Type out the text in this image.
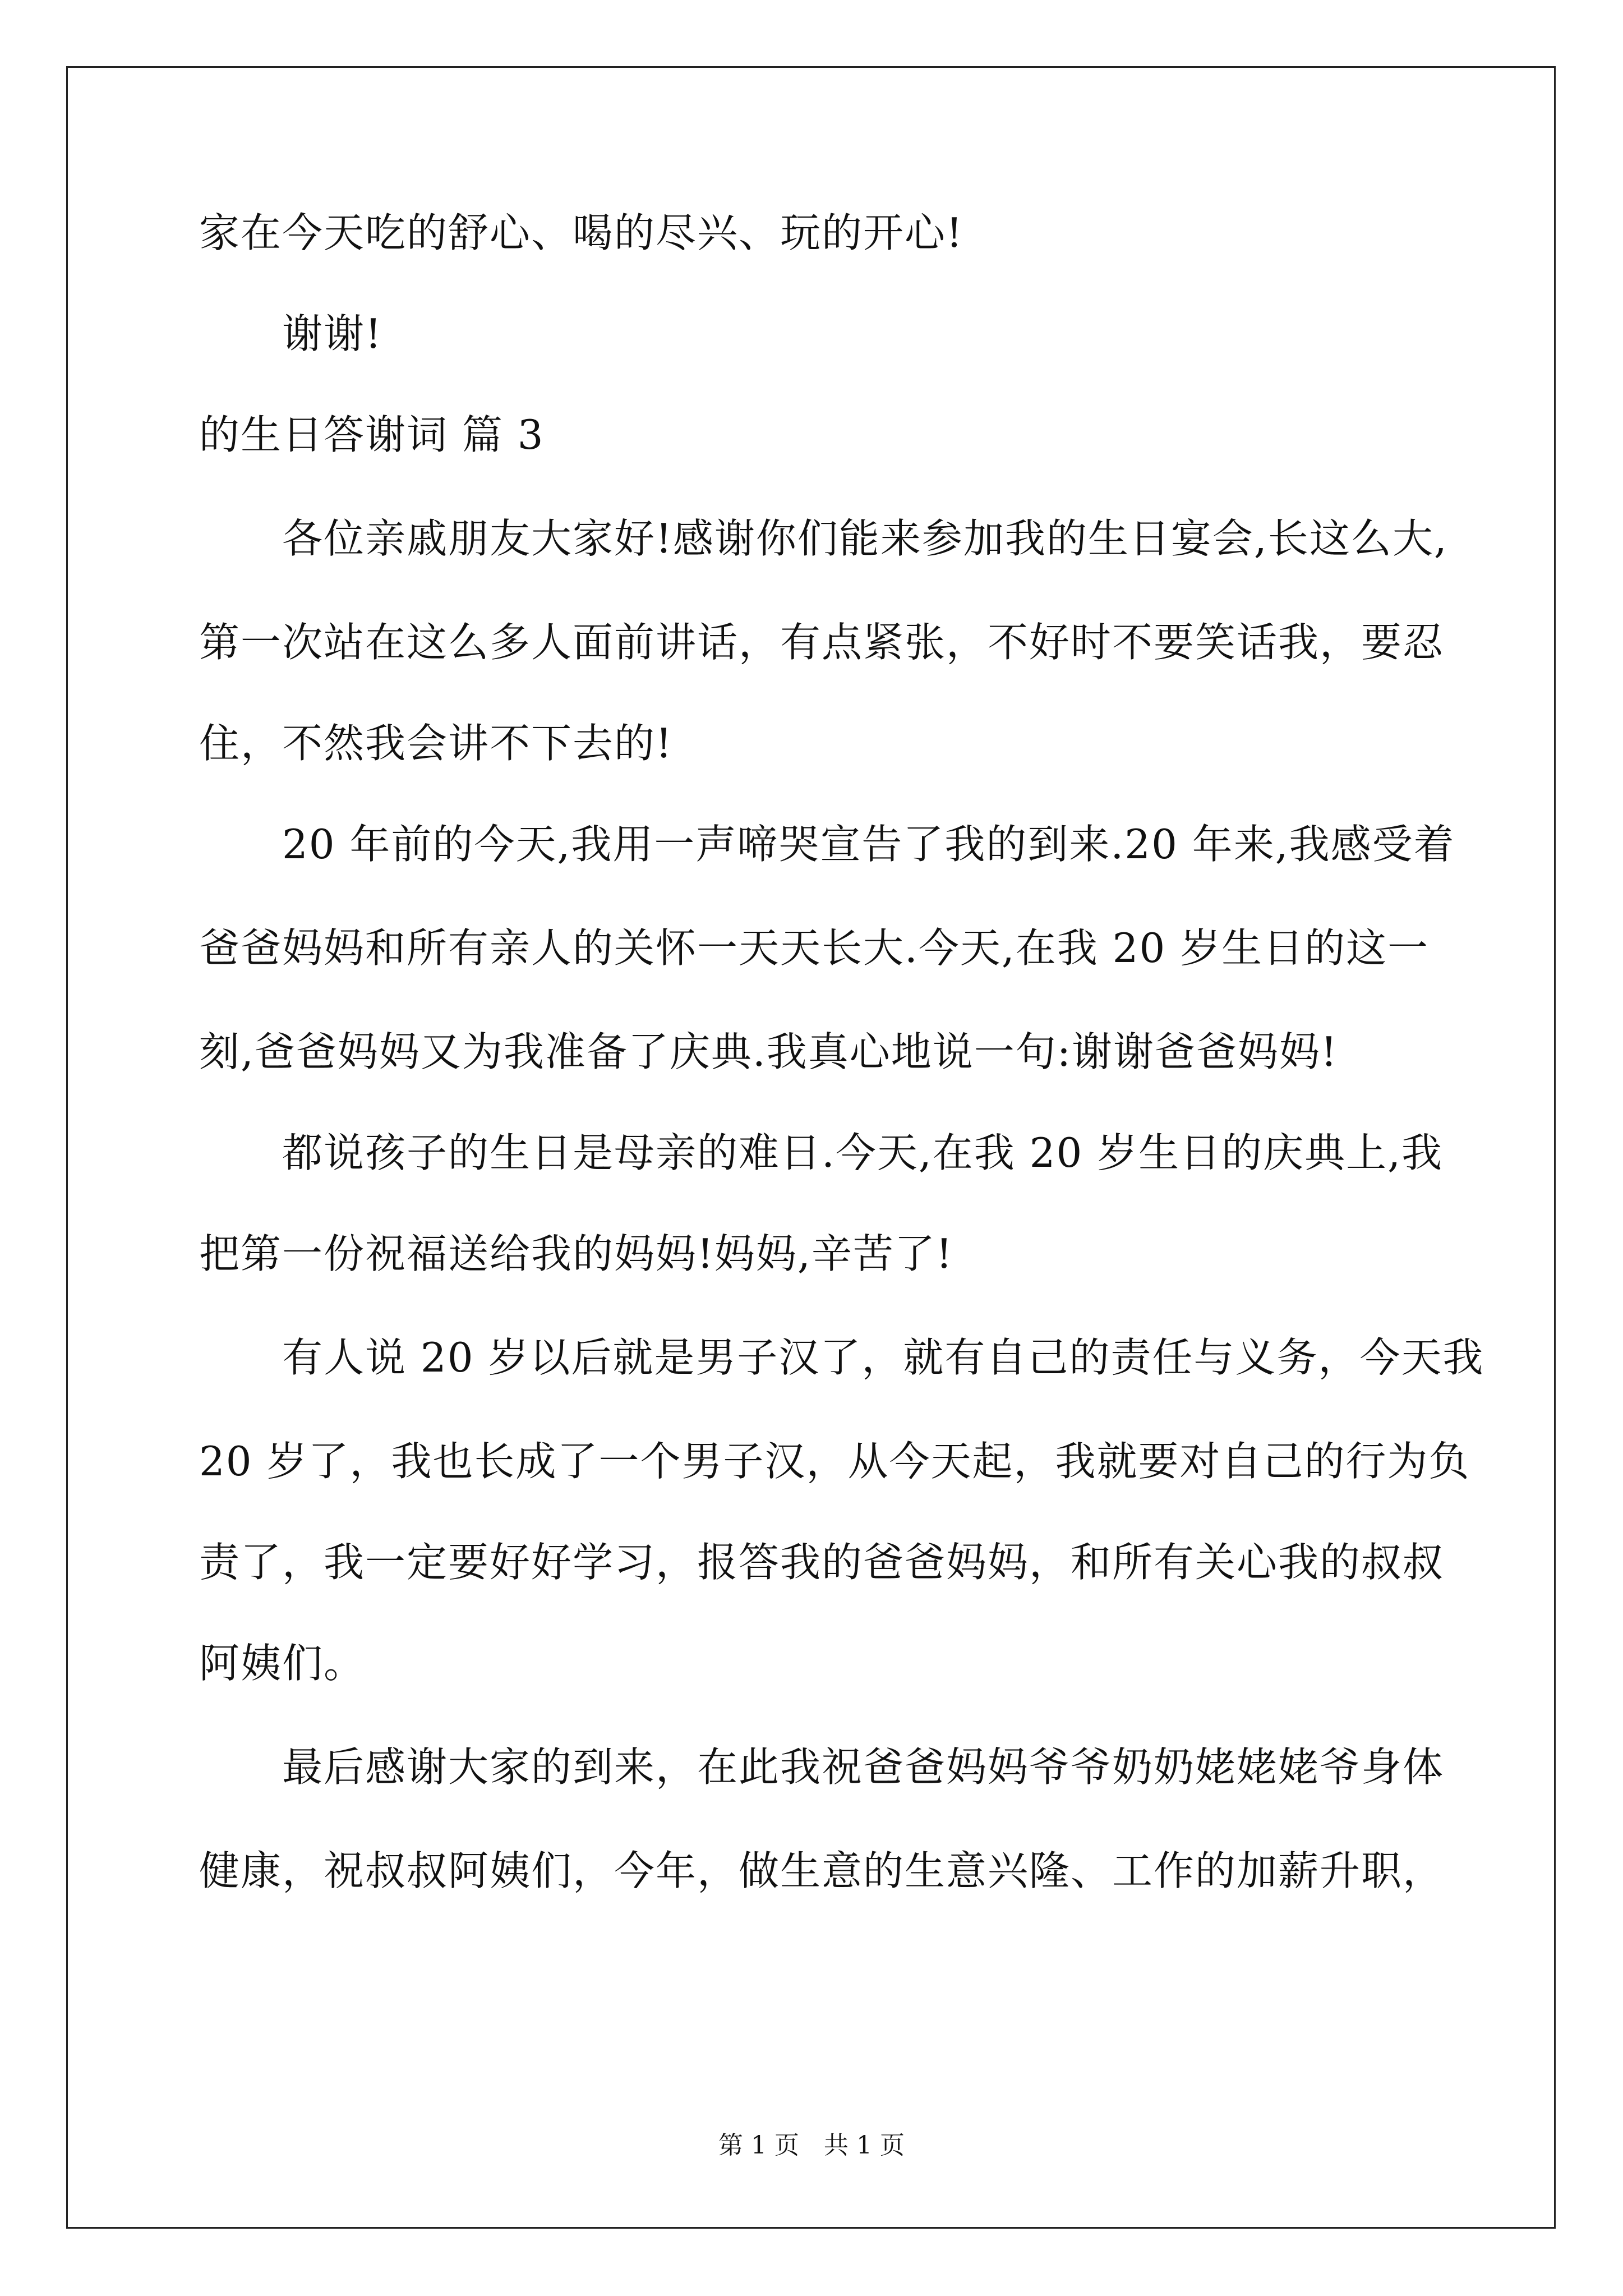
家在今天吃的舒心、喝的尽兴、玩的开心!
　　谢谢!
的生日答谢词 篇 3
　　各位亲戚朋友大家好!感谢你们能来参加我的生日宴会,长这么大,
第一次站在这么多人面前讲话，有点紧张，不好时不要笑话我，要忍
住，不然我会讲不下去的!
　　20 年前的今天,我用一声啼哭宣告了我的到来.20 年来,我感受着
爸爸妈妈和所有亲人的关怀一天天长大.今天,在我 20 岁生日的这一
刻,爸爸妈妈又为我准备了庆典.我真心地说一句:谢谢爸爸妈妈!
　　都说孩子的生日是母亲的难日.今天,在我 20 岁生日的庆典上,我
把第一份祝福送给我的妈妈!妈妈,辛苦了!
　　有人说 20 岁以后就是男子汉了，就有自己的责任与义务，今天我
20 岁了，我也长成了一个男子汉，从今天起，我就要对自己的行为负
责了，我一定要好好学习，报答我的爸爸妈妈，和所有关心我的叔叔
阿姨们。
　　最后感谢大家的到来，在此我祝爸爸妈妈爷爷奶奶姥姥姥爷身体
健康，祝叔叔阿姨们，今年，做生意的生意兴隆、工作的加薪升职，
第 1 页　共 1 页
